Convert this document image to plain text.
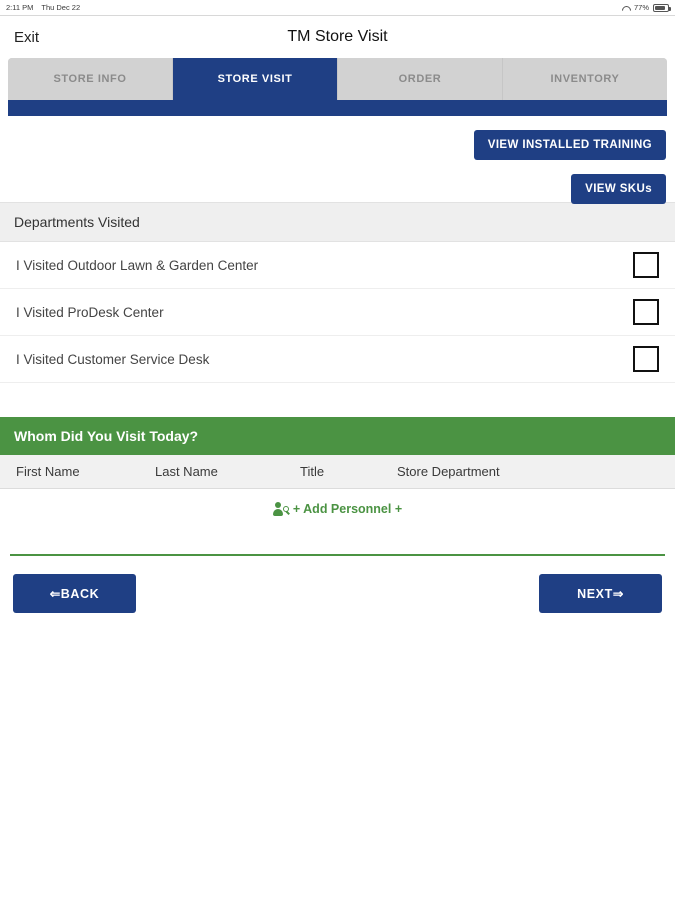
2:11 PM Thu Dec 22	77%
Exit	TM Store Visit
STORE INFO	STORE VISIT	ORDER	INVENTORY
VIEW INSTALLED TRAINING
VIEW SKUs
Departments Visited
I Visited Outdoor Lawn & Garden Center
I Visited ProDesk Center
I Visited Customer Service Desk
Whom Did You Visit Today?
First Name	Last Name	Title	Store Department
+ Add Personnel +
⇐BACK	NEXT⇒
